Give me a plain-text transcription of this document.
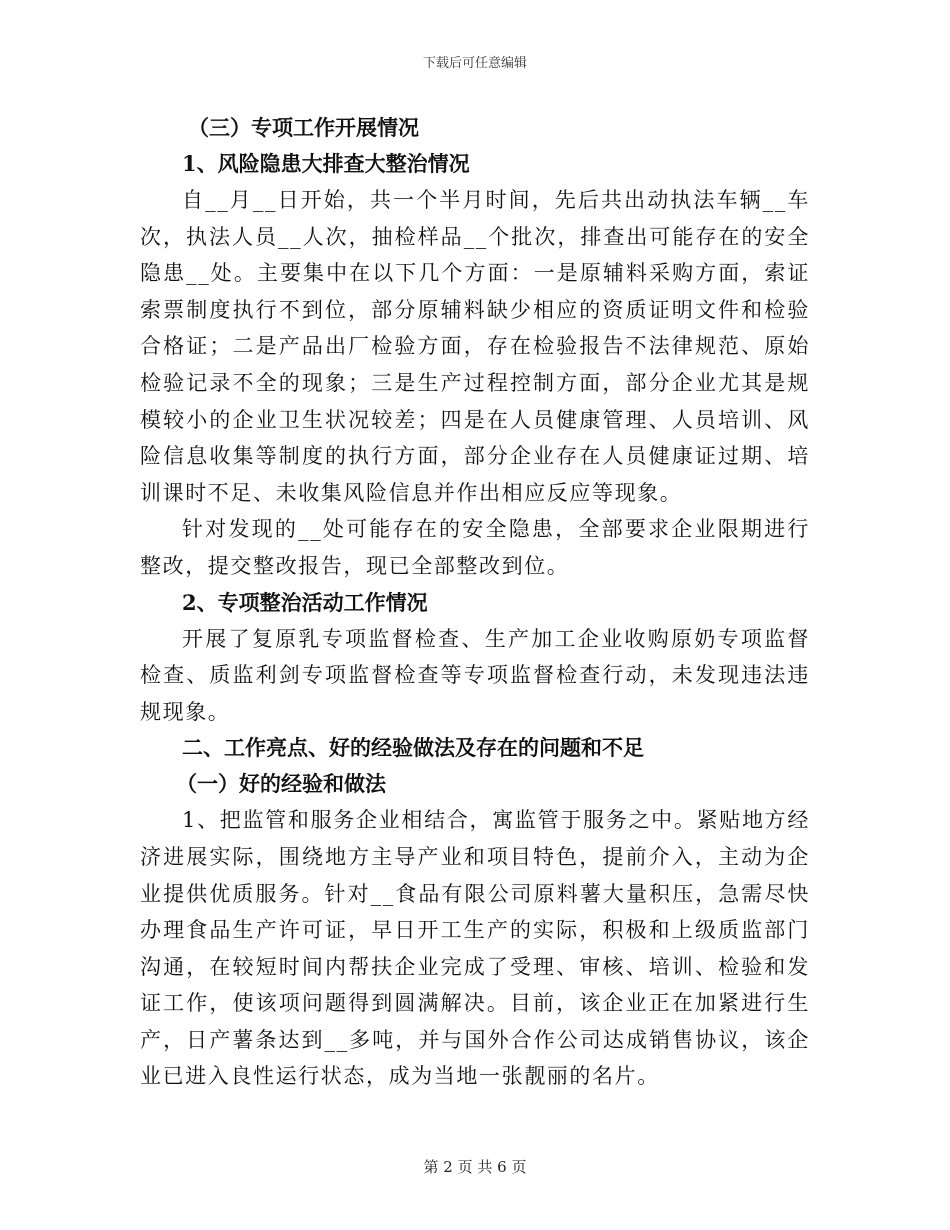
下载后可任意编辑

（三）专项工作开展情况

1、风险隐患大排查大整治情况

自__月__日开始，共一个半月时间，先后共出动执法车辆__车次，执法人员__人次，抽检样品__个批次，排查出可能存在的安全隐患__处。主要集中在以下几个方面：一是原辅料采购方面，索证索票制度执行不到位，部分原辅料缺少相应的资质证明文件和检验合格证；二是产品出厂检验方面，存在检验报告不法律规范、原始检验记录不全的现象；三是生产过程控制方面，部分企业尤其是规模较小的企业卫生状况较差；四是在人员健康管理、人员培训、风险信息收集等制度的执行方面，部分企业存在人员健康证过期、培训课时不足、未收集风险信息并作出相应反应等现象。

针对发现的__处可能存在的安全隐患，全部要求企业限期进行整改，提交整改报告，现已全部整改到位。

2、专项整治活动工作情况

开展了复原乳专项监督检查、生产加工企业收购原奶专项监督检查、质监利剑专项监督检查等专项监督检查行动，未发现违法违规现象。

二、工作亮点、好的经验做法及存在的问题和不足

（一）好的经验和做法

1、把监管和服务企业相结合，寓监管于服务之中。紧贴地方经济进展实际，围绕地方主导产业和项目特色，提前介入，主动为企业提供优质服务。针对__食品有限公司原料薯大量积压，急需尽快办理食品生产许可证，早日开工生产的实际，积极和上级质监部门沟通，在较短时间内帮扶企业完成了受理、审核、培训、检验和发证工作，使该项问题得到圆满解决。目前，该企业正在加紧进行生产，日产薯条达到__多吨，并与国外合作公司达成销售协议，该企业已进入良性运行状态，成为当地一张靓丽的名片。

第 2 页 共 6 页
